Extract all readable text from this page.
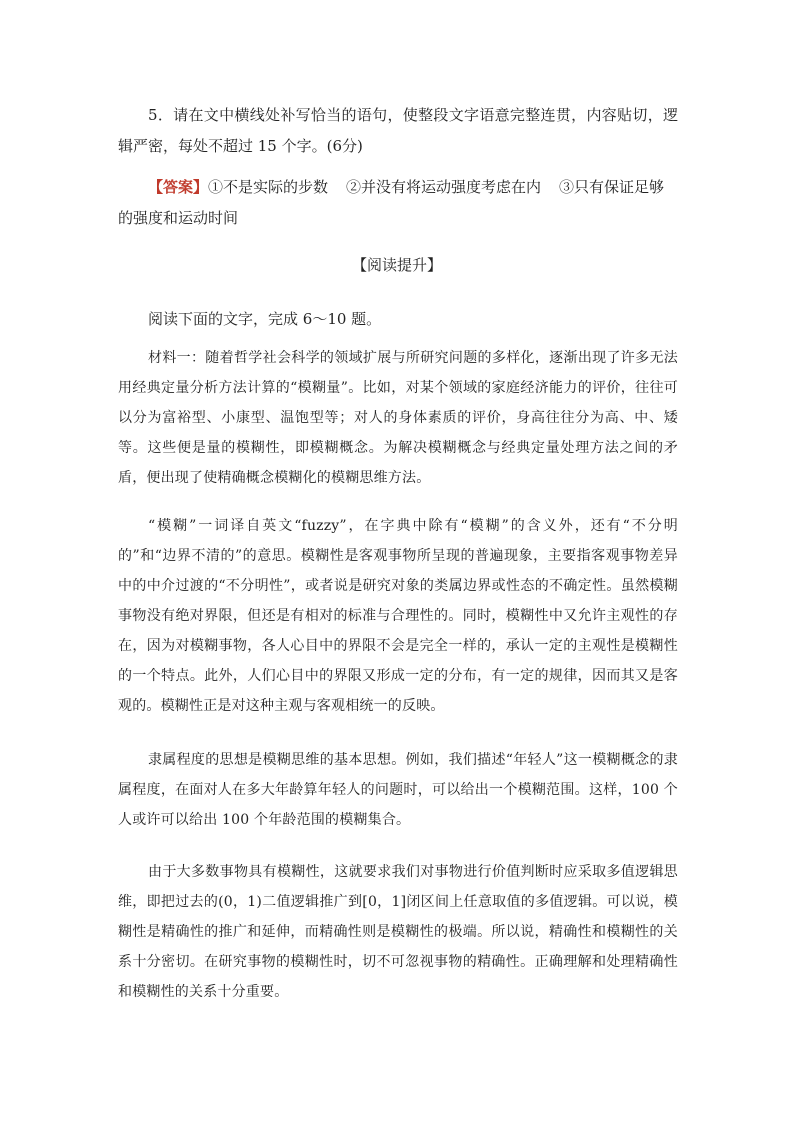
5．请在文中横线处补写恰当的语句，使整段文字语意完整连贯，内容贴切，逻辑严密，每处不超过 15 个字。(6分)
【答案】①不是实际的步数 ②并没有将运动强度考虑在内 ③只有保证足够的强度和运动时间
【阅读提升】
阅读下面的文字，完成 6～10 题。
材料一：随着哲学社会科学的领域扩展与所研究问题的多样化，逐渐出现了许多无法用经典定量分析方法计算的“模糊量”。比如，对某个领域的家庭经济能力的评价，往往可以分为富裕型、小康型、温饱型等；对人的身体素质的评价，身高往往分为高、中、矮等。这些便是量的模糊性，即模糊概念。为解决模糊概念与经典定量处理方法之间的矛盾，便出现了使精确概念模糊化的模糊思维方法。
“模糊”一词译自英文“fuzzy”，在字典中除有“模糊”的含义外，还有“不分明的”和“边界不清的”的意思。模糊性是客观事物所呈现的普遍现象，主要指客观事物差异中的中介过渡的“不分明性”，或者说是研究对象的类属边界或性态的不确定性。虽然模糊事物没有绝对界限，但还是有相对的标准与合理性的。同时，模糊性中又允许主观性的存在，因为对模糊事物，各人心目中的界限不会是完全一样的，承认一定的主观性是模糊性的一个特点。此外，人们心目中的界限又形成一定的分布，有一定的规律，因而其又是客观的。模糊性正是对这种主观与客观相统一的反映。
隶属程度的思想是模糊思维的基本思想。例如，我们描述“年轻人”这一模糊概念的隶属程度，在面对人在多大年龄算年轻人的问题时，可以给出一个模糊范围。这样，100 个人或许可以给出 100 个年龄范围的模糊集合。
由于大多数事物具有模糊性，这就要求我们对事物进行价值判断时应采取多值逻辑思维，即把过去的(0，1)二值逻辑推广到[0，1]闭区间上任意取值的多值逻辑。可以说，模糊性是精确性的推广和延伸，而精确性则是模糊性的极端。所以说，精确性和模糊性的关系十分密切。在研究事物的模糊性时，切不可忽视事物的精确性。正确理解和处理精确性和模糊性的关系十分重要。
